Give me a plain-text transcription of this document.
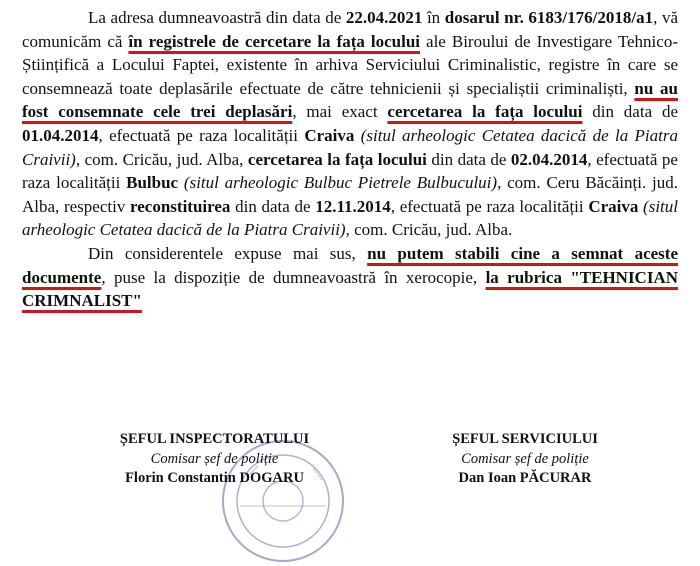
La adresa dumneavoastră din data de 22.04.2021 în dosarul nr. 6183/176/2018/a1, vă comunicăm că în registrele de cercetare la fața locului ale Biroului de Investigare Tehnico-Științifică a Locului Faptei, existente în arhiva Serviciului Criminalistic, registre în care se consemnează toate deplasările efectuate de către tehnicienii și specialiștii criminaliști, nu au fost consemnate cele trei deplasări, mai exact cercetarea la fața locului din data de 01.04.2014, efectuată pe raza localității Craiva (situl arheologic Cetatea dacică de la Piatra Craivii), com. Cricău, jud. Alba, cercetarea la fața locului din data de 02.04.2014, efectuată pe raza localității Bulbuc (situl arheologic Bulbuc Pietrele Bulbucului), com. Ceru Băcăinți. jud. Alba, respectiv reconstituirea din data de 12.11.2014, efectuată pe raza localității Craiva (situl arheologic Cetatea dacică de la Piatra Craivii), com. Cricău, jud. Alba.

Din considerentele expuse mai sus, nu putem stabili cine a semnat aceste documente, puse la dispoziție de dumneavoastră în xerocopie, la rubrica "TEHNICIAN CRIMNALIST"

ȘEFUL INSPECTORATULUI
Comisar șef de poliție
Florin Constantin DOGARU
ȘEFUL SERVICIULUI
Comisar șef de poliție
Dan Ioan PĂCURAR
